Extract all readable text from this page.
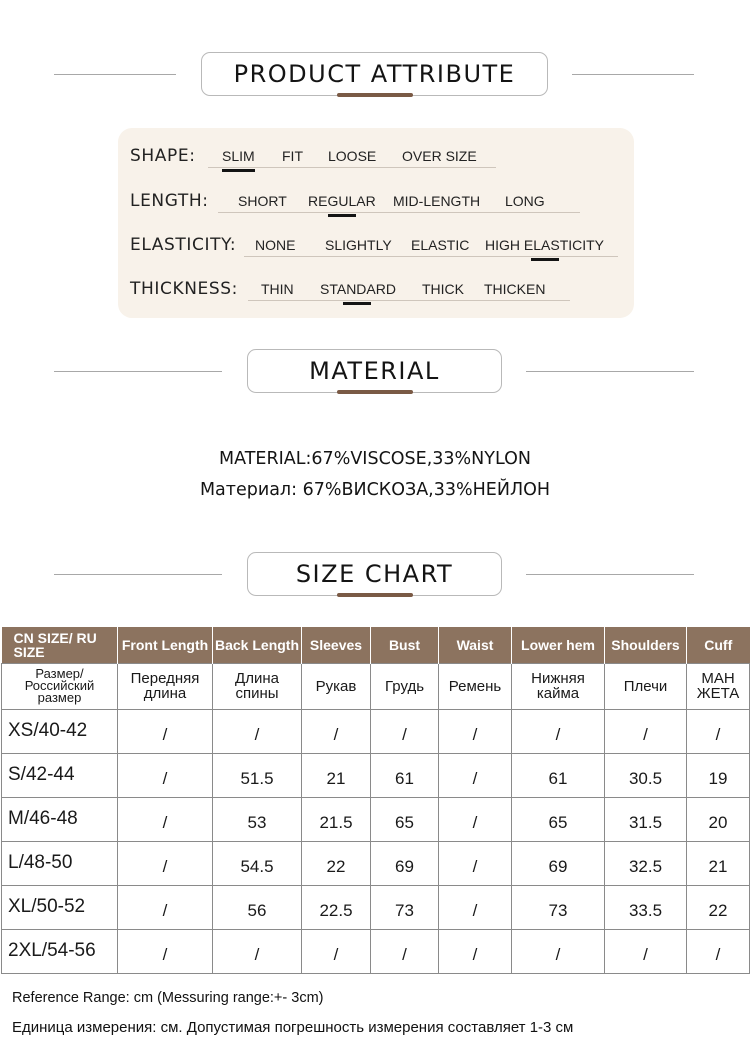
PRODUCT ATTRIBUTE
SHAPE: SLIM FIT LOOSE OVER SIZE
LENGTH: SHORT REGULAR MID-LENGTH LONG
ELASTICITY: NONE SLIGHTLY ELASTIC HIGH ELASTICITY
THICKNESS: THIN STANDARD THICK THICKEN
MATERIAL
MATERIAL:67%VISCOSE,33%NYLON
Материал: 67%ВИСКОЗА,33%НЕЙЛОН
SIZE CHART
CN SIZE/ RU SIZE	Front Length	Back Length	Sleeves	Bust	Waist	Lower hem	Shoulders	Cuff
Размер/ Российский размер	Передняя длина	Длина спины	Рукав	Грудь	Ремень	Нижняя кайма	Плечи	МАН ЖЕТА
XS/40-42	/	/	/	/	/	/	/	/
S/42-44	/	51.5	21	61	/	61	30.5	19
M/46-48	/	53	21.5	65	/	65	31.5	20
L/48-50	/	54.5	22	69	/	69	32.5	21
XL/50-52	/	56	22.5	73	/	73	33.5	22
2XL/54-56	/	/	/	/	/	/	/	/
Reference Range: cm (Messuring range:+- 3cm)
Единица измерения: см. Допустимая погрешность измерения составляет 1-3 см
